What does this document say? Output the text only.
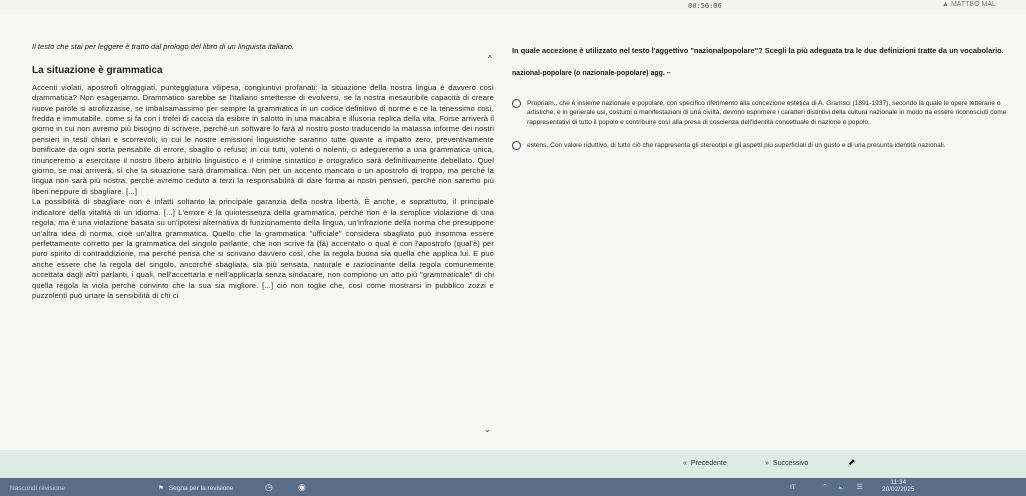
00:56:06	▲ MATTEO MAL
Il testo che stai per leggere è tratto dal prologo del libro di un linguista italiano.
La situazione è grammatica

Accenti violati, apostrofi oltraggiati, punteggiatura vilipesa, congiuntivi profanati: la situazione della nostra lingua è davvero così drammatica? Non esageriamo. Drammatico sarebbe se l'italiano smettesse di evolversi, se la nostra inesauribile capacità di creare nuove parole si atrofizzasse, se imbalsamassimo per sempre la grammatica in un codice definitivo di norme e ce la tenessimo così, fredda e immutabile, come si fa con i trofei di caccia da esibire in salotto in una macabra e illusoria replica della vita. Forse arriverà il giorno in cui non avremo più bisogno di scrivere, perché un software lo farà al nostro posto traducendo la matassa informe dei nostri pensieri in testi chiari e scorrevoli; in cui le nostre emissioni linguistiche saranno tutte quante a impatto zero, preventivamente bonificate da ogni sorta pensabile di errore, sbaglio o refuso; in cui tutti, volenti o nolenti, ci adegueremo a una grammatica unica, rinunceremo a esercitare il nostro libero arbitrio linguistico e il crimine sintattico e ortografico sarà definitivamente debellato. Quel giorno, se mai arriverà, sì che la situazione sarà drammatica. Non per un accento mancato o un apostrofo di troppo, ma perché la lingua non sarà più nostra, perché avremo ceduto a terzi la responsabilità di dare forma ai nostri pensieri, perché non saremo più liberi neppure di sbagliare. [...]

La possibilità di sbagliare non è infatti soltanto la principale garanzia della nostra libertà. È anche, e soprattutto, il principale indicatore della vitalità di un idioma. [...] L'errore è la quintessenza della grammatica, perché non è la semplice violazione di una regola, ma è una violazione basata su un'ipotesi alternativa di funzionamento della lingua, un'infrazione della norma che presuppone un'altra idea di norma, cioè un'altra grammatica. Quello che la grammatica "ufficiale" considera sbagliato può insomma essere perfettamente corretto per la grammatica del singolo parlante, che non scrive fa (fà) accentato o qual è con l'apostrofo (qual'è) per puro spirito di contraddizione, ma perché pensa che si scrivano davvero così, che la regola buona sia quella che applica lui. E può anche essere che la regola del singolo, ancorché sbagliata, sia più sensata, naturale e raziocinante della regola comunemente accettata dagli altri parlanti, i quali, nell'accettarla e nell'applicarla senza sindacare, non compiono un atto più "grammaticale" di chi quella regola la viola perché convinto che la sua sia migliore. [...] ciò non toglie che, così come mostrarsi in pubblico zozzi e puzzolenti può urtare la sensibilità di chi ci

^
⌄
In quale accezione è utilizzato nel testo l'aggettivo "nazionalpopolare"? Scegli la più adeguata tra le due definizioni tratte da un vocabolario.
nazional-popolare (o nazionale-popolare) agg. –
Propriam., che è insieme nazionale e popolare, con specifico riferimento alla concezione estetica di A. Gramsci (1891-1937), secondo la quale le opere letterarie o artistiche, e in generale usi, costumi o manifestazioni di una civiltà, devono esprimere i caratteri distintivi della cultura nazionale in modo da essere riconosciuti come rappresentativi di tutto il popolo e contribuire così alla presa di coscienza dell'identità concettuale di nazione e popolo.
estens. Con valore riduttivo, di tutto ciò che rappresenta gli stereotipi e gli aspetti più superficiali di un gusto e di una presunta identità nazionali.
« Precedente	» Successivo	⬈
Nascondi revisione	⚑ Segna per la revisione	◷	◉	IT	⌃ 🔈 ☰
11:34
20/02/2025
